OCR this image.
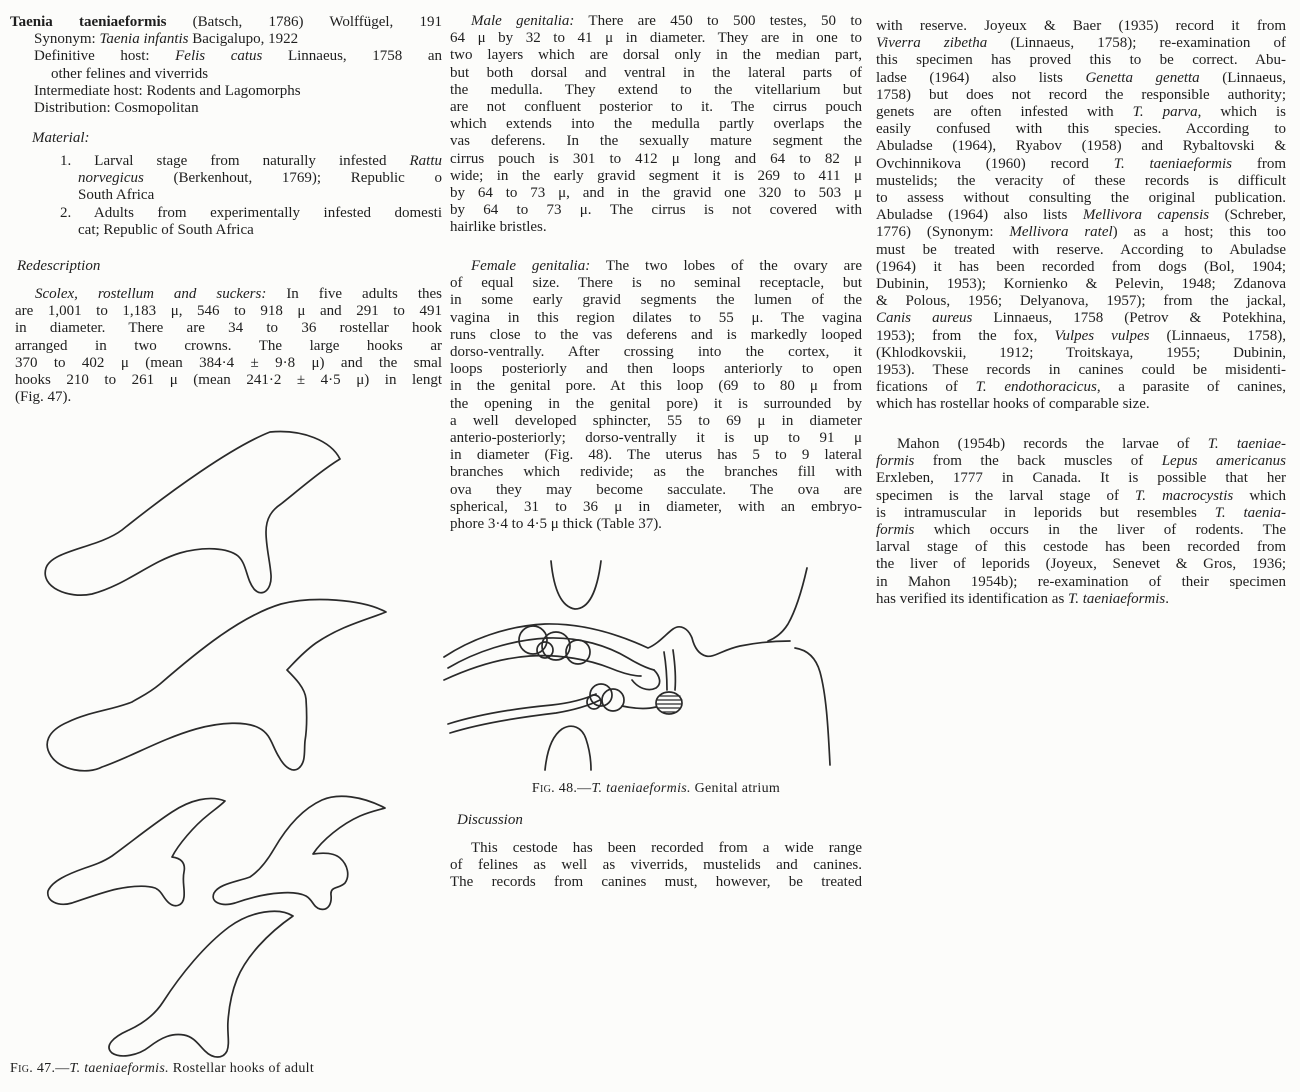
Taenia taeniaeformis (Batsch, 1786) Wolffügel, 191
Synonym: Taenia infantis Bacigalupo, 1922
Definitive host: Felis catus Linnaeus, 1758 an
other felines and viverrids
Intermediate host: Rodents and Lagomorphs
Distribution: Cosmopolitan
Material:
1. Larval stage from naturally infested Rattu
norvegicus (Berkenhout, 1769); Republic o
South Africa
2. Adults from experimentally infested domesti
cat; Republic of South Africa
Redescription
Scolex, rostellum and suckers: In five adults thes
are 1,001 to 1,183 μ, 546 to 918 μ and 291 to 491
in diameter. There are 34 to 36 rostellar hook
arranged in two crowns. The large hooks ar
370 to 402 μ (mean 384·4 ± 9·8 μ) and the smal
hooks 210 to 261 μ (mean 241·2 ± 4·5 μ) in lengt
(Fig. 47).
Fig. 47.—T. taeniaeformis. Rostellar hooks of adult
Male genitalia: There are 450 to 500 testes, 50 to
64 μ by 32 to 41 μ in diameter. They are in one to
two layers which are dorsal only in the median part,
but both dorsal and ventral in the lateral parts of
the medulla. They extend to the vitellarium but
are not confluent posterior to it. The cirrus pouch
which extends into the medulla partly overlaps the
vas deferens. In the sexually mature segment the
cirrus pouch is 301 to 412 μ long and 64 to 82 μ
wide; in the early gravid segment it is 269 to 411 μ
by 64 to 73 μ, and in the gravid one 320 to 503 μ
by 64 to 73 μ. The cirrus is not covered with
hairlike bristles.
Female genitalia: The two lobes of the ovary are
of equal size. There is no seminal receptacle, but
in some early gravid segments the lumen of the
vagina in this region dilates to 55 μ. The vagina
runs close to the vas deferens and is markedly looped
dorso-ventrally. After crossing into the cortex, it
loops posteriorly and then loops anteriorly to open
in the genital pore. At this loop (69 to 80 μ from
the opening in the genital pore) it is surrounded by
a well developed sphincter, 55 to 69 μ in diameter
anterio-posteriorly; dorso-ventrally it is up to 91 μ
in diameter (Fig. 48). The uterus has 5 to 9 lateral
branches which redivide; as the branches fill with
ova they may become sacculate. The ova are
spherical, 31 to 36 μ in diameter, with an embryo-
phore 3·4 to 4·5 μ thick (Table 37).
Fig. 48.—T. taeniaeformis. Genital atrium
Discussion
This cestode has been recorded from a wide range
of felines as well as viverrids, mustelids and canines.
The records from canines must, however, be treated
with reserve. Joyeux & Baer (1935) record it from
Viverra zibetha (Linnaeus, 1758); re-examination of
this specimen has proved this to be correct. Abu-
ladse (1964) also lists Genetta genetta (Linnaeus,
1758) but does not record the responsible authority;
genets are often infested with T. parva, which is
easily confused with this species. According to
Abuladse (1964), Ryabov (1958) and Rybaltovski &
Ovchinnikova (1960) record T. taeniaeformis from
mustelids; the veracity of these records is difficult
to assess without consulting the original publication.
Abuladse (1964) also lists Mellivora capensis (Schreber,
1776) (Synonym: Mellivora ratel) as a host; this too
must be treated with reserve. According to Abuladse
(1964) it has been recorded from dogs (Bol, 1904;
Dubinin, 1953); Kornienko & Pelevin, 1948; Zdanova
& Polous, 1956; Delyanova, 1957); from the jackal,
Canis aureus Linnaeus, 1758 (Petrov & Potekhina,
1953); from the fox, Vulpes vulpes (Linnaeus, 1758),
(Khlodkovskii, 1912; Troitskaya, 1955; Dubinin,
1953). These records in canines could be misidenti-
fications of T. endothoracicus, a parasite of canines,
which has rostellar hooks of comparable size.
Mahon (1954b) records the larvae of T. taeniae-
formis from the back muscles of Lepus americanus
Erxleben, 1777 in Canada. It is possible that her
specimen is the larval stage of T. macrocystis which
is intramuscular in leporids but resembles T. taenia-
formis which occurs in the liver of rodents. The
larval stage of this cestode has been recorded from
the liver of leporids (Joyeux, Senevet & Gros, 1936;
in Mahon 1954b); re-examination of their specimen
has verified its identification as T. taeniaeformis.
